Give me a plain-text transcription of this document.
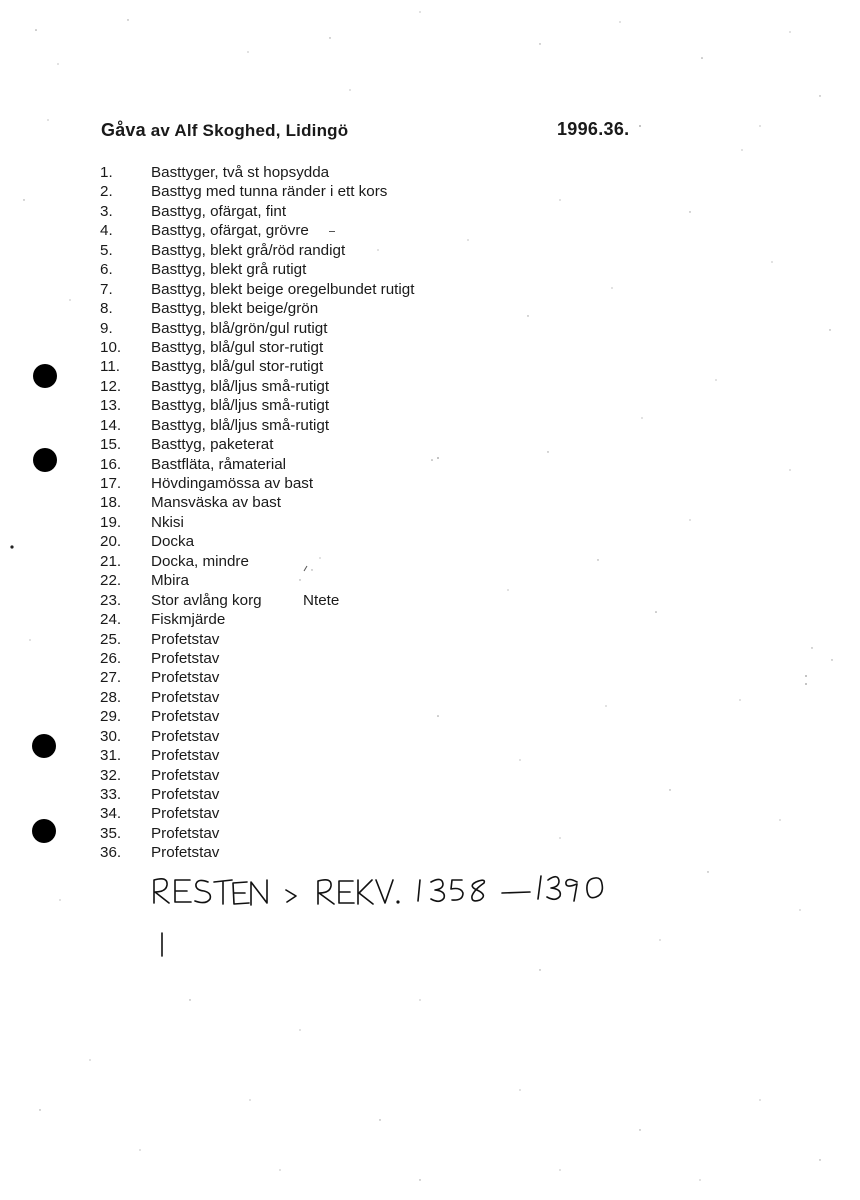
Gåva av Alf Skoghed, Lidingö	1996.36.
1.	Basttyger, två st hopsydda
2.	Basttyg med tunna ränder i ett kors
3.	Basttyg, ofärgat, fint
4.	Basttyg, ofärgat, grövre
5.	Basttyg, blekt grå/röd randigt
6.	Basttyg, blekt grå rutigt
7.	Basttyg, blekt beige oregelbundet rutigt
8.	Basttyg, blekt beige/grön
9.	Basttyg, blå/grön/gul rutigt
10.	Basttyg, blå/gul stor-rutigt
11.	Basttyg, blå/gul stor-rutigt
12.	Basttyg, blå/ljus små-rutigt
13.	Basttyg, blå/ljus små-rutigt
14.	Basttyg, blå/ljus små-rutigt
15.	Basttyg, paketerat
16.	Bastfläta, råmaterial
17.	Hövdingamössa av bast
18.	Mansväska av bast
19.	Nkisi
20.	Docka
21.	Docka, mindre
22.	Mbira
23.	Stor avlång korg	Ntete
24.	Fiskmjärde
25.	Profetstav
26.	Profetstav
27.	Profetstav
28.	Profetstav
29.	Profetstav
30.	Profetstav
31.	Profetstav
32.	Profetstav
33.	Profetstav
34.	Profetstav
35.	Profetstav
36.	Profetstav
